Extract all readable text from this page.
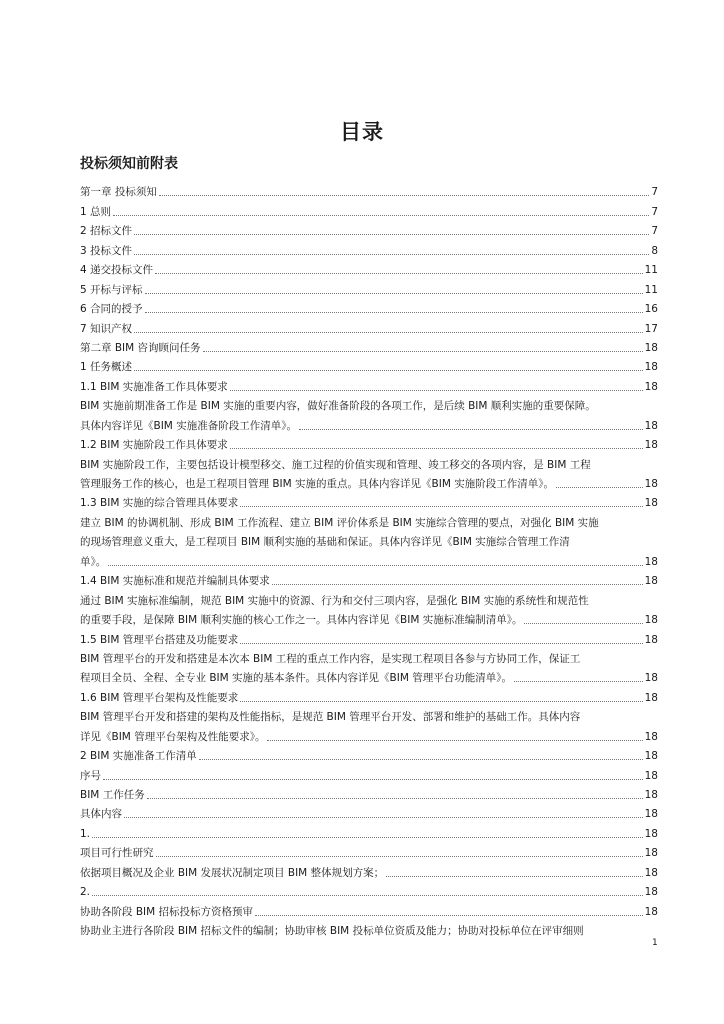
目录
投标须知前附表
第一章 投标须知	7
1 总则	7
2 招标文件	7
3 投标文件	8
4 递交投标文件	11
5 开标与评标	11
6 合同的授予	16
7 知识产权	17
第二章 BIM 咨询顾问任务	18
1 任务概述	18
1.1 BIM 实施准备工作具体要求	18
BIM 实施前期准备工作是 BIM 实施的重要内容，做好准备阶段的各项工作，是后续 BIM 顺利实施的重要保障。
具体内容详见《BIM 实施准备阶段工作清单》。	18
1.2 BIM 实施阶段工作具体要求	18
BIM 实施阶段工作，主要包括设计模型移交、施工过程的价值实现和管理、竣工移交的各项内容，是 BIM 工程
管理服务工作的核心，也是工程项目管理 BIM 实施的重点。具体内容详见《BIM 实施阶段工作清单》。	18
1.3 BIM 实施的综合管理具体要求	18
建立 BIM 的协调机制、形成 BIM 工作流程、建立 BIM 评价体系是 BIM 实施综合管理的要点，对强化 BIM 实施
的现场管理意义重大，是工程项目 BIM 顺利实施的基础和保证。具体内容详见《BIM 实施综合管理工作清
单》。	18
1.4 BIM 实施标准和规范并编制具体要求	18
通过 BIM 实施标准编制，规范 BIM 实施中的资源、行为和交付三项内容，是强化 BIM 实施的系统性和规范性
的重要手段，是保障 BIM 顺利实施的核心工作之一。具体内容详见《BIM 实施标准编制清单》。	18
1.5 BIM 管理平台搭建及功能要求	18
BIM 管理平台的开发和搭建是本次本 BIM 工程的重点工作内容，是实现工程项目各参与方协同工作，保证工
程项目全员、全程、全专业 BIM 实施的基本条件。具体内容详见《BIM 管理平台功能清单》。	18
1.6 BIM 管理平台架构及性能要求	18
BIM 管理平台开发和搭建的架构及性能指标，是规范 BIM 管理平台开发、部署和维护的基础工作。具体内容
详见《BIM 管理平台架构及性能要求》。	18
2 BIM 实施准备工作清单	18
序号	18
BIM 工作任务	18
具体内容	18
1.	18
项目可行性研究	18
依据项目概况及企业 BIM 发展状况制定项目 BIM 整体规划方案；	18
2.	18
协助各阶段 BIM 招标投标方资格预审	18
协助业主进行各阶段 BIM 招标文件的编制；协助审核 BIM 投标单位资质及能力；协助对投标单位在评审细则
1
